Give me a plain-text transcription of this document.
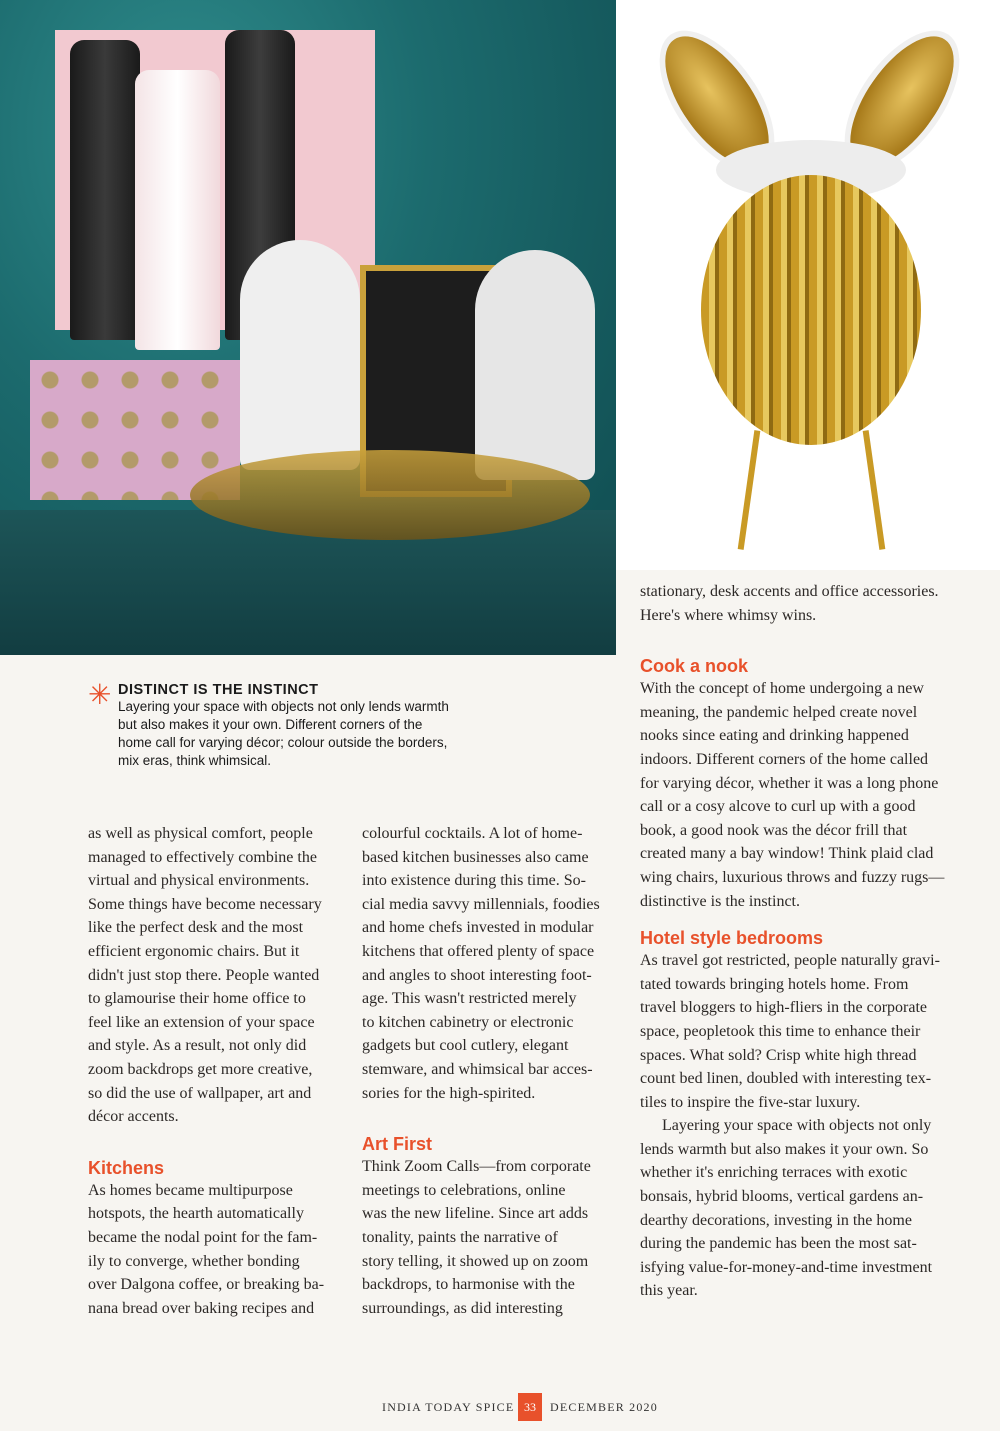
✳ DISTINCT IS THE INSTINCT
Layering your space with objects not only lends warmth
but also makes it your own. Different corners of the
home call for varying décor; colour outside the borders,
mix eras, think whimsical.

as well as physical comfort, people
managed to effectively combine the
virtual and physical environments.
Some things have become necessary
like the perfect desk and the most
efficient ergonomic chairs. But it
didn't just stop there. People wanted
to glamourise their home office to
feel like an extension of your space
and style. As a result, not only did
zoom backdrops get more creative,
so did the use of wallpaper, art and
décor accents.

Kitchens

As homes became multipurpose
hotspots, the hearth automatically
became the nodal point for the fam-
ily to converge, whether bonding
over Dalgona coffee, or breaking ba-
nana bread over baking recipes and

colourful cocktails. A lot of home-
based kitchen businesses also came
into existence during this time. So-
cial media savvy millennials, foodies
and home chefs invested in modular
kitchens that offered plenty of space
and angles to shoot interesting foot-
age. This wasn't restricted merely
to kitchen cabinetry or electronic
gadgets but cool cutlery, elegant
stemware, and whimsical bar acces-
sories for the high-spirited.

Art First

Think Zoom Calls—from corporate
meetings to celebrations, online
was the new lifeline. Since art adds
tonality, paints the narrative of
story telling, it showed up on zoom
backdrops, to harmonise with the
surroundings, as did interesting

stationary, desk accents and office accessories.
Here's where whimsy wins.

Cook a nook

With the concept of home undergoing a new
meaning, the pandemic helped create novel
nooks since eating and drinking happened
indoors. Different corners of the home called
for varying décor, whether it was a long phone
call or a cosy alcove to curl up with a good
book, a good nook was the décor frill that
created many a bay window! Think plaid clad
wing chairs, luxurious throws and fuzzy rugs—
distinctive is the instinct.

Hotel style bedrooms

As travel got restricted, people naturally gravi-
tated towards bringing hotels home. From
travel bloggers to high-fliers in the corporate
space, peopletook this time to enhance their
spaces. What sold? Crisp white high thread
count bed linen, doubled with interesting tex-
tiles to inspire the five-star luxury.

Layering your space with objects not only

lends warmth but also makes it your own. So
whether it's enriching terraces with exotic
bonsais, hybrid blooms, vertical gardens an-
dearthy decorations, investing in the home
during the pandemic has been the most sat-
isfying value-for-money-and-time investment
this year.

INDIA TODAY SPICE 33	DECEMBER 2020
